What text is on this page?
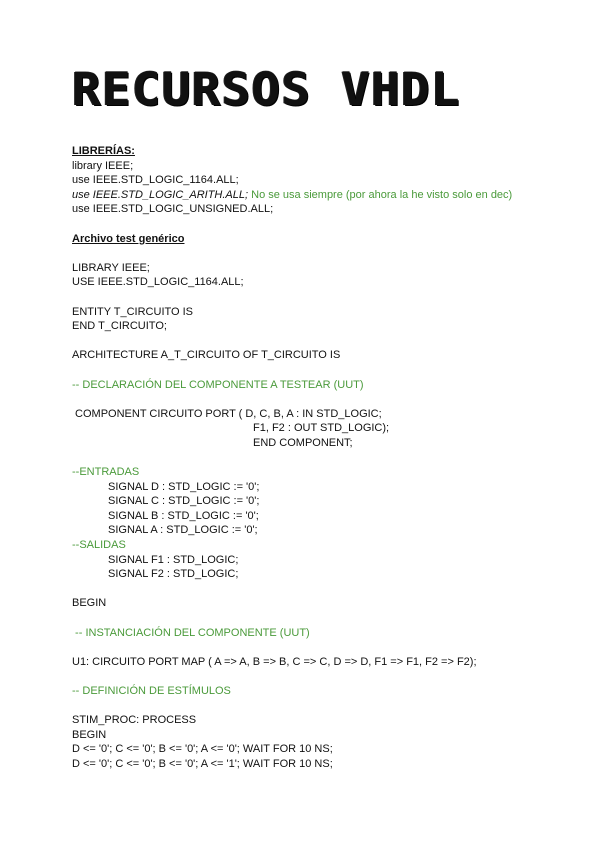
RECURSOS VHDL
LIBRERÍAS:
library IEEE;
use IEEE.STD_LOGIC_1164.ALL;
use IEEE.STD_LOGIC_ARITH.ALL; No se usa siempre (por ahora la he visto solo en dec)
use IEEE.STD_LOGIC_UNSIGNED.ALL;
Archivo test genérico
LIBRARY IEEE;
USE IEEE.STD_LOGIC_1164.ALL;
ENTITY T_CIRCUITO IS
END T_CIRCUITO;
ARCHITECTURE A_T_CIRCUITO OF T_CIRCUITO IS
-- DECLARACIÓN DEL COMPONENTE A TESTEAR (UUT)
COMPONENT CIRCUITO PORT ( D, C, B, A : IN STD_LOGIC;
F1, F2 : OUT STD_LOGIC);
END COMPONENT;
--ENTRADAS
SIGNAL D : STD_LOGIC := '0';
SIGNAL C : STD_LOGIC := '0';
SIGNAL B : STD_LOGIC := '0';
SIGNAL A : STD_LOGIC := '0';
--SALIDAS
SIGNAL F1 : STD_LOGIC;
SIGNAL F2 : STD_LOGIC;
BEGIN
-- INSTANCIACIÓN DEL COMPONENTE (UUT)
U1: CIRCUITO PORT MAP ( A => A, B => B, C => C, D => D, F1 => F1, F2 => F2);
-- DEFINICIÓN DE ESTÍMULOS
STIM_PROC: PROCESS
BEGIN
D <= '0'; C <= '0'; B <= '0'; A <= '0'; WAIT FOR 10 NS;
D <= '0'; C <= '0'; B <= '0'; A <= '1'; WAIT FOR 10 NS;
